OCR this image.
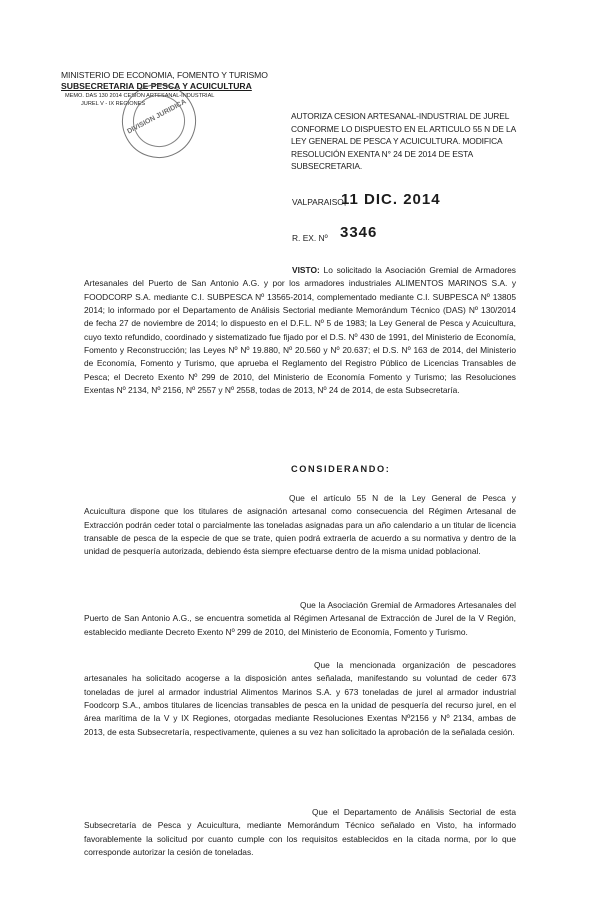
MINISTERIO DE ECONOMIA, FOMENTO Y TURISMO
SUBSECRETARIA DE PESCA Y ACUICULTURA
MEMO. DAS 130 2014 CESION ARTESANAL-INDUSTRIAL
JUREL V - IX REGIONES
DIVISION JURIDICA	AUTORIZA CESION ARTESANAL-INDUSTRIAL DE JUREL CONFORME LO DISPUESTO EN EL ARTICULO 55 N DE LA LEY GENERAL DE PESCA Y ACUICULTURA. MODIFICA RESOLUCIÓN EXENTA N° 24 DE 2014 DE ESTA SUBSECRETARIA.
VALPARAISO,
11 DIC. 2014
R. EX. Nº 3346

VISTO: Lo solicitado la Asociación Gremial de Armadores Artesanales del Puerto de San Antonio A.G. y por los armadores industriales ALIMENTOS MARINOS S.A. y FOODCORP S.A. mediante C.I. SUBPESCA Nº 13565-2014, complementado mediante C.I. SUBPESCA Nº 13805 2014; lo informado por el Departamento de Análisis Sectorial mediante Memorándum Técnico (DAS) Nº 130/2014 de fecha 27 de noviembre de 2014; lo dispuesto en el D.F.L. Nº 5 de 1983; la Ley General de Pesca y Acuicultura, cuyo texto refundido, coordinado y sistematizado fue fijado por el D.S. Nº 430 de 1991, del Ministerio de Economía, Fomento y Reconstrucción; las Leyes Nº Nº 19.880, Nº 20.560 y Nº 20.637; el D.S. Nº 163 de 2014, del Ministerio de Economía, Fomento y Turismo, que aprueba el Reglamento del Registro Público de Licencias Transables de Pesca; el Decreto Exento Nº 299 de 2010, del Ministerio de Economía Fomento y Turismo; las Resoluciones Exentas Nº 2134, Nº 2156, Nº 2557 y Nº 2558, todas de 2013, Nº 24 de 2014, de esta Subsecretaría.

CONSIDERANDO:

Que el artículo 55 N de la Ley General de Pesca y Acuicultura dispone que los titulares de asignación artesanal como consecuencia del Régimen Artesanal de Extracción podrán ceder total o parcialmente las toneladas asignadas para un año calendario a un titular de licencia transable de pesca de la especie de que se trate, quien podrá extraerla de acuerdo a su normativa y dentro de la unidad de pesquería autorizada, debiendo ésta siempre efectuarse dentro de la misma unidad poblacional.

Que la Asociación Gremial de Armadores Artesanales del Puerto de San Antonio A.G., se encuentra sometida al Régimen Artesanal de Extracción de Jurel de la V Región, establecido mediante Decreto Exento Nº 299 de 2010, del Ministerio de Economía, Fomento y Turismo.

Que la mencionada organización de pescadores artesanales ha solicitado acogerse a la disposición antes señalada, manifestando su voluntad de ceder 673 toneladas de jurel al armador industrial Alimentos Marinos S.A. y 673 toneladas de jurel al armador industrial Foodcorp S.A., ambos titulares de licencias transables de pesca en la unidad de pesquería del recurso jurel, en el área marítima de la V y IX Regiones, otorgadas mediante Resoluciones Exentas Nº2156 y Nº 2134, ambas de 2013, de esta Subsecretaría, respectivamente, quienes a su vez han solicitado la aprobación de la señalada cesión.

Que el Departamento de Análisis Sectorial de esta Subsecretaría de Pesca y Acuicultura, mediante Memorándum Técnico señalado en Visto, ha informado favorablemente la solicitud por cuanto cumple con los requisitos establecidos en la citada norma, por lo que corresponde autorizar la cesión de toneladas.
